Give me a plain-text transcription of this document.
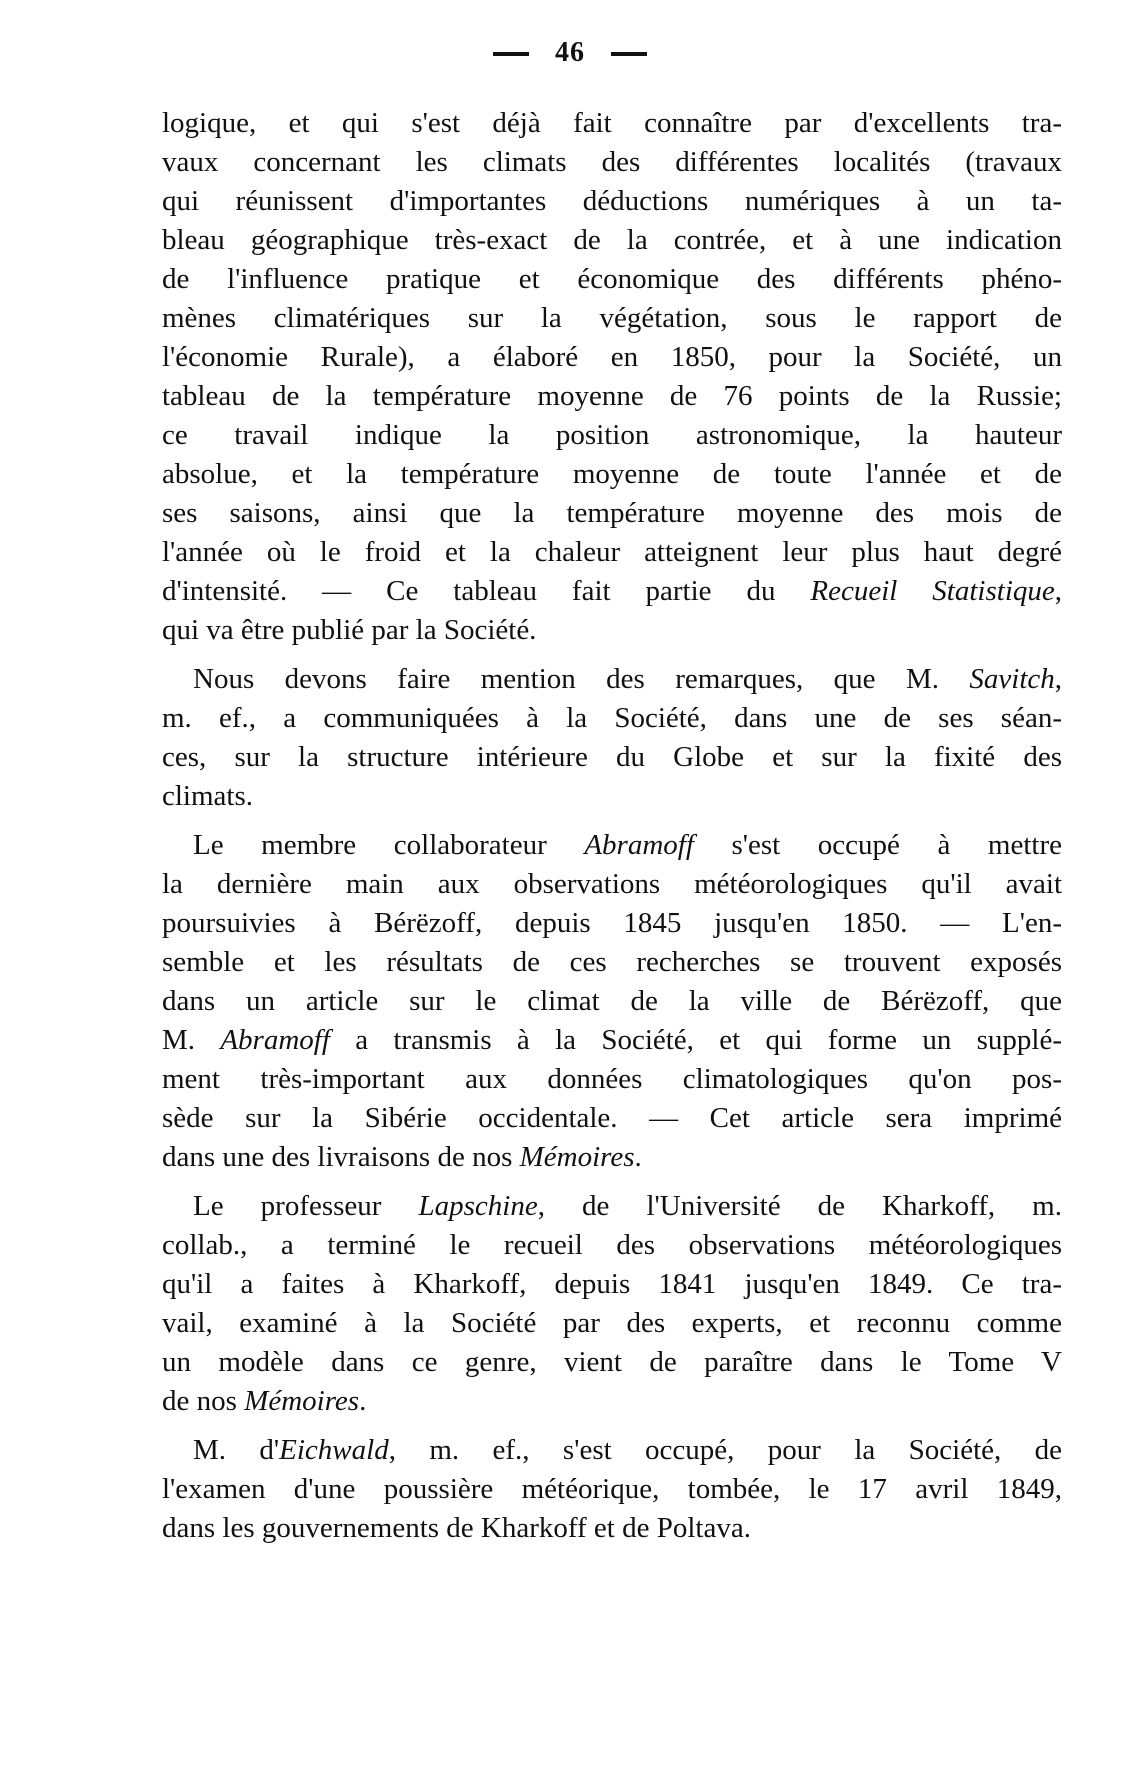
46
logique, et qui s'est déjà fait connaître par d'excellents tra-
vaux concernant les climats des différentes localités (travaux
qui réunissent d'importantes déductions numériques à un ta-
bleau géographique très-exact de la contrée, et à une indication
de l'influence pratique et économique des différents phéno-
mènes climatériques sur la végétation, sous le rapport de
l'économie Rurale), a élaboré en 1850, pour la Société, un
tableau de la température moyenne de 76 points de la Russie;
ce travail indique la position astronomique, la hauteur
absolue, et la température moyenne de toute l'année et de
ses saisons, ainsi que la température moyenne des mois de
l'année où le froid et la chaleur atteignent leur plus haut degré
d'intensité. — Ce tableau fait partie du Recueil Statistique,
qui va être publié par la Société.
Nous devons faire mention des remarques, que M. Savitch,
m. ef., a communiquées à la Société, dans une de ses séan-
ces, sur la structure intérieure du Globe et sur la fixité des
climats.
Le membre collaborateur Abramoff s'est occupé à mettre
la dernière main aux observations météorologiques qu'il avait
poursuivies à Bérëzoff, depuis 1845 jusqu'en 1850. — L'en-
semble et les résultats de ces recherches se trouvent exposés
dans un article sur le climat de la ville de Bérëzoff, que
M. Abramoff a transmis à la Société, et qui forme un supplé-
ment très-important aux données climatologiques qu'on pos-
sède sur la Sibérie occidentale. — Cet article sera imprimé
dans une des livraisons de nos Mémoires.
Le professeur Lapschine, de l'Université de Kharkoff, m.
collab., a terminé le recueil des observations météorologiques
qu'il a faites à Kharkoff, depuis 1841 jusqu'en 1849. Ce tra-
vail, examiné à la Société par des experts, et reconnu comme
un modèle dans ce genre, vient de paraître dans le Tome V
de nos Mémoires.
M. d'Eichwald, m. ef., s'est occupé, pour la Société, de
l'examen d'une poussière météorique, tombée, le 17 avril 1849,
dans les gouvernements de Kharkoff et de Poltava.
